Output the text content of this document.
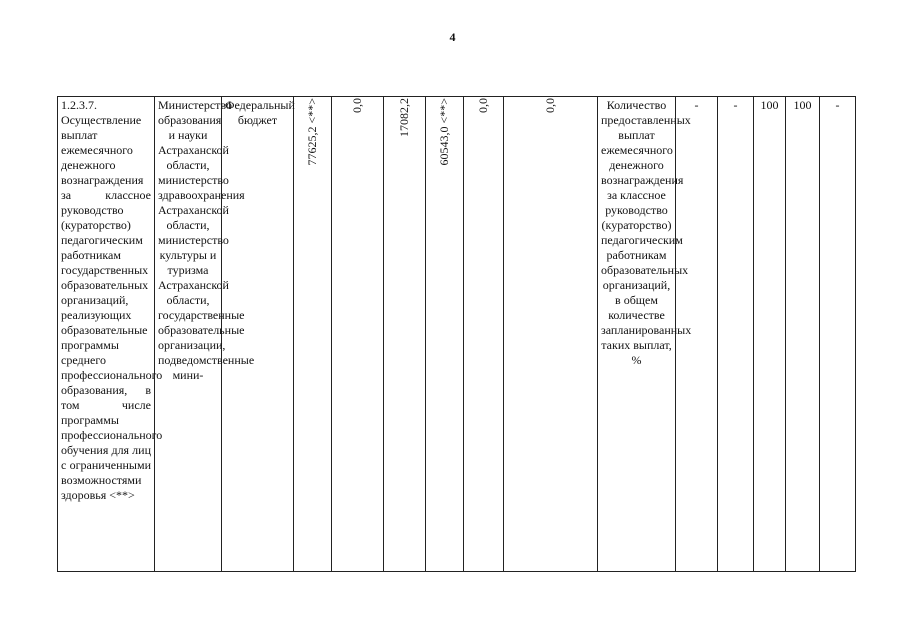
4
1.2.3.7. Осуществление выплат ежемесячного денежного вознаграждения за классное руководство (кураторство) педагогическим работникам государственных образовательных организаций, реализующих образовательные программы среднего профессионального образования, в том числе программы профессионального обучения для лиц с ограниченными возможностями здоровья <**>	Министерство образования и науки Астраханской области, министерство здравоохранения Астраханской области, министерство культуры и туризма Астраханской области, государственные образовательные организации, подведомственные мини-	Федеральный бюджет	77625,2 <**>	0,0	17082,2	60543,0 <**>	0,0	0,0	Количество предоставленных выплат ежемесячного денежного вознаграждения за классное руководство (кураторство) педагогическим работникам образовательных организаций, в общем количестве запланированных таких выплат, %	-	-	100	100	-	
